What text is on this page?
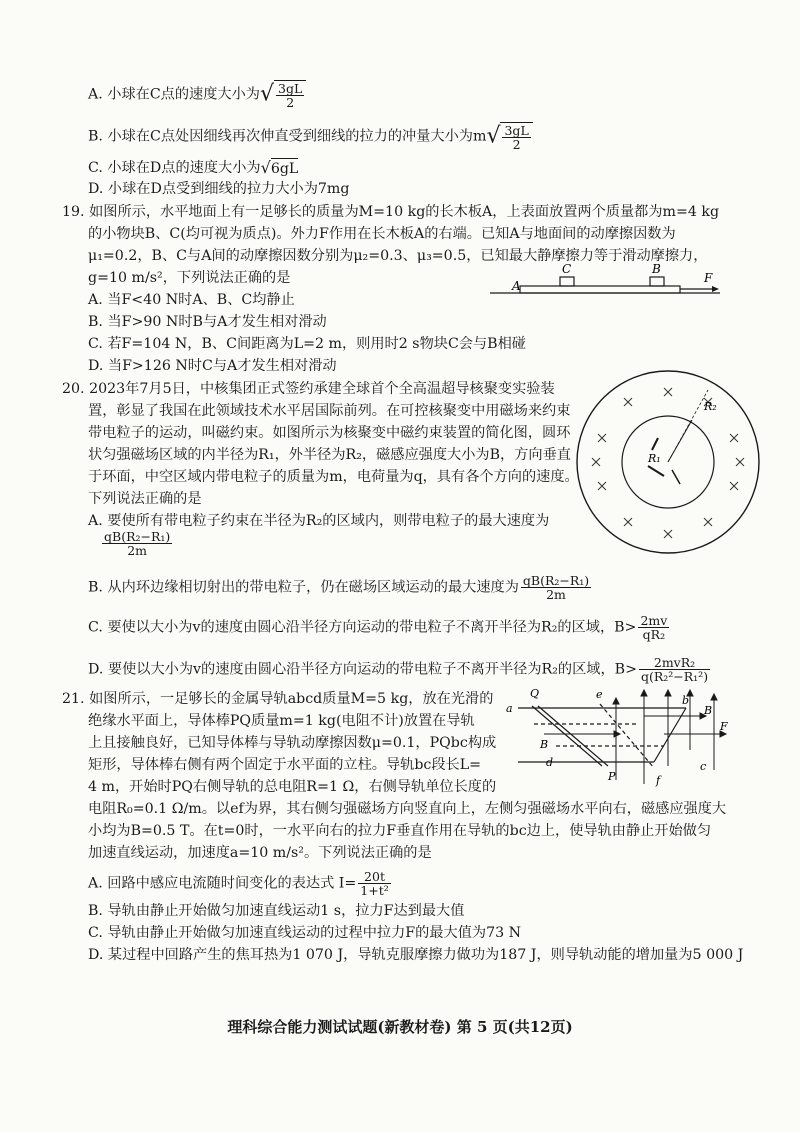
A. 小球在C点的速度大小为√ $\frac{3gL}{2}$
B. 小球在C点处因细线再次伸直受到细线的拉力的冲量大小为$m√ \frac{3gL}{2}$
C. 小球在D点的速度大小为√6gL
D. 小球在D点受到细线的拉力大小为7mg
19. 如图所示，水平地面上有一足够长的质量为M=10 kg的长木板A，上表面放置两个质量都为m=4 kg
的小物块B、C(均可视为质点)。外力F作用在长木板A的右端。已知A与地面间的动摩擦因数为
μ₁=0.2，B、C与A间的动摩擦因数分别为μ₂=0.3、μ₃=0.5，已知最大静摩擦力等于滑动摩擦力，
g=10 m/s²，下列说法正确的是
A. 当F<40 N时A、B、C均静止
B. 当F>90 N时B与A才发生相对滑动
C. 若F=104 N，B、C间距离为L=2 m，则用时2 s物块C会与B相碰
D. 当F>126 N时C与A才发生相对滑动
A
C	B
F
20. 2023年7月5日，中核集团正式签约承建全球首个全高温超导核聚变实验装
置，彰显了我国在此领域技术水平居国际前列。在可控核聚变中用磁场来约束
带电粒子的运动，叫磁约束。如图所示为核聚变中磁约束装置的简化图，圆环
状匀强磁场区域的内半径为R₁，外半径为R₂，磁感应强度大小为B，方向垂直
于环面，中空区域内带电粒子的质量为m，电荷量为q，具有各个方向的速度。
下列说法正确的是
A. 要使所有带电粒子约束在半径为R₂的区域内，则带电粒子的最大速度为
$\frac{\text{qB(R₂−R₁)}}{2m}$
B. 从内环边缘相切射出的带电粒子，仍在磁场区域运动的最大速度为 $\frac{\text{qB(R₂−R₁)}}{2m}$
C. 要使以大小为v的速度由圆心沿半径方向运动的带电粒子不离开半径为R₂的区域，$B> \frac{2mv}{\text{qR₂}}$
D. 要使以大小为v的速度由圆心沿半径方向运动的带电粒子不离开半径为R₂的区域，$B> \frac{\text{2mvR₂}}{\text{q(R₂²−R₁²)}}$
R₁
R₂
21. 如图所示，一足够长的金属导轨abcd质量M=5 kg，放在光滑的
绝缘水平面上，导体棒PQ质量m=1 kg(电阻不计)放置在导轨
上且接触良好，已知导体棒与导轨动摩擦因数μ=0.1，PQbc构成
矩形，导体棒右侧有两个固定于水平面的立柱。导轨bc段长L=
4 m，开始时PQ右侧导轨的总电阻R=1 Ω，右侧导轨单位长度的
电阻R₀=0.1 Ω/m。以ef为界，其右侧匀强磁场方向竖直向上，左侧匀强磁场水平向右，磁感应强度大
小均为B=0.5 T。在t=0时，一水平向右的拉力F垂直作用在导轨的bc边上，使导轨由静止开始做匀
加速直线运动，加速度a=10 m/s²。下列说法正确的是
A. 回路中感应电流随时间变化的表达式 $I= \frac{20t}{\text{1+t²}}$
B. 导轨由静止开始做匀加速直线运动1 s，拉力F达到最大值
C. 导轨由静止开始做匀加速直线运动的过程中拉力F的最大值为73 N
D. 某过程中回路产生的焦耳热为1 070 J，导轨克服摩擦力做功为187 J，则导轨动能的增加量为5 000 J
a
Q	e	b
B
B
F
d	c
P	f
理科综合能力测试试题(新教材卷) 第 5 页(共12页)
